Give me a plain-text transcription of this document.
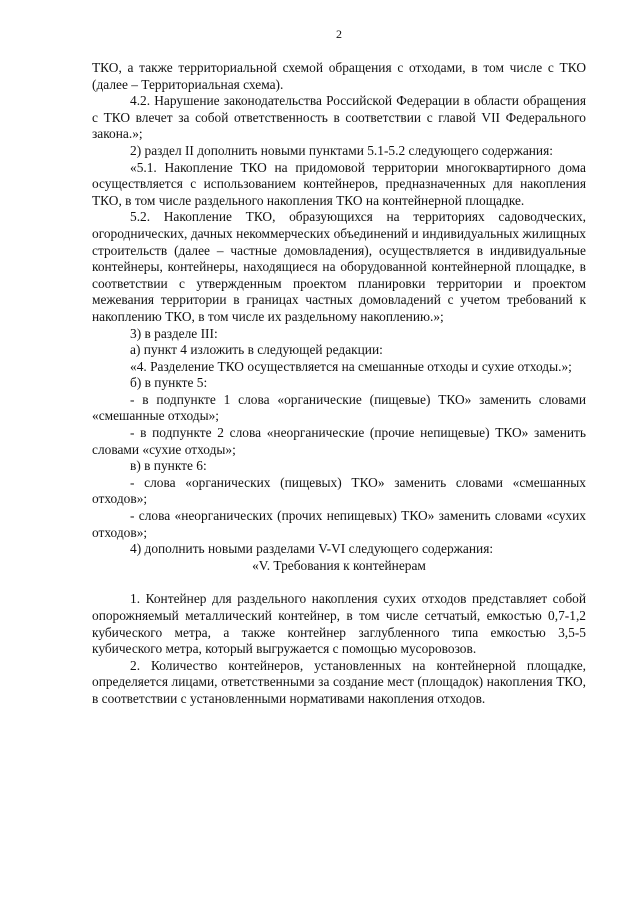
2

ТКО, а также территориальной схемой обращения с отходами, в том числе с ТКО (далее – Территориальная схема).

4.2. Нарушение законодательства Российской Федерации в области обращения с ТКО влечет за собой ответственность в соответствии с главой VII Федерального закона.»;

2) раздел II дополнить новыми пунктами 5.1-5.2 следующего содержания:

«5.1. Накопление ТКО на придомовой территории многоквартирного дома осуществляется с использованием контейнеров, предназначенных для накопления ТКО, в том числе раздельного накопления ТКО на контейнерной площадке.

5.2. Накопление ТКО, образующихся на территориях садоводческих, огороднических, дачных некоммерческих объединений и индивидуальных жилищных строительств (далее – частные домовладения), осуществляется в индивидуальные контейнеры, контейнеры, находящиеся на оборудованной контейнерной площадке, в соответствии с утвержденным проектом планировки территории и проектом межевания территории в границах частных домовладений с учетом требований к накоплению ТКО, в том числе их раздельному накоплению.»;

3) в разделе III:

а) пункт 4 изложить в следующей редакции:

«4. Разделение ТКО осуществляется на смешанные отходы и сухие отходы.»;

б) в пункте 5:

- в подпункте 1 слова «органические (пищевые) ТКО» заменить словами «смешанные отходы»;

- в подпункте 2 слова «неорганические (прочие непищевые) ТКО» заменить словами «сухие отходы»;

в) в пункте 6:

- слова «органических (пищевых) ТКО» заменить словами «смешанных отходов»;

- слова «неорганических (прочих непищевых) ТКО» заменить словами «сухих отходов»;

4) дополнить новыми разделами V-VI следующего содержания:

«V. Требования к контейнерам

1. Контейнер для раздельного накопления сухих отходов представляет собой опорожняемый металлический контейнер, в том числе сетчатый, емкостью 0,7-1,2 кубического метра, а также контейнер заглубленного типа емкостью 3,5-5 кубического метра, который выгружается с помощью мусоровозов.

2. Количество контейнеров, установленных на контейнерной площадке, определяется лицами, ответственными за создание мест (площадок) накопления ТКО, в соответствии с установленными нормативами накопления отходов.
